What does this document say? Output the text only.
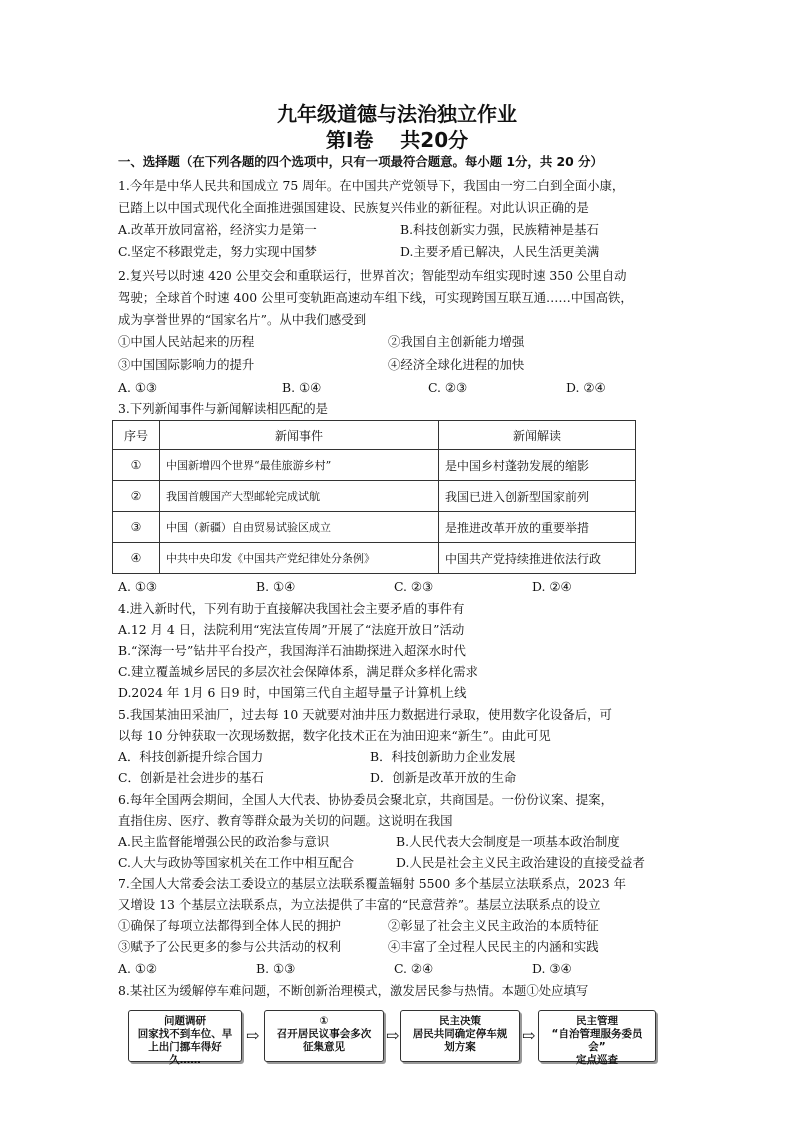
九年级道德与法治独立作业
第Ⅰ卷　 共20分
一、选择题（在下列各题的四个选项中，只有一项最符合题意。每小题 1分，共 20 分）
1.今年是中华人民共和国成立 75 周年。在中国共产党领导下，我国由一穷二白到全面小康，
已踏上以中国式现代化全面推进强国建设、民族复兴伟业的新征程。对此认识正确的是
A.改革开放同富裕，经济实力是第一	B.科技创新实力强，民族精神是基石
C.坚定不移跟党走，努力实现中国梦	D.主要矛盾已解决，人民生活更美满
2.复兴号以时速 420 公里交会和重联运行，世界首次；智能型动车组实现时速 350 公里自动
驾驶；全球首个时速 400 公里可变轨距高速动车组下线，可实现跨国互联互通……中国高铁，
成为享誉世界的“国家名片”。从中我们感受到
①中国人民站起来的历程	②我国自主创新能力增强
③中国国际影响力的提升	④经济全球化进程的加快
A. ①③	B. ①④	C. ②③	D. ②④
3.下列新闻事件与新闻解读相匹配的是
序号	新闻事件	新闻解读
①	中国新增四个世界“最佳旅游乡村”	是中国乡村蓬勃发展的缩影
②	我国首艘国产大型邮轮完成试航	我国已进入创新型国家前列
③	中国（新疆）自由贸易试验区成立	是推进改革开放的重要举措
④	中共中央印发《中国共产党纪律处分条例》	中国共产党持续推进依法行政
A. ①③	B. ①④	C. ②③	D. ②④
4.进入新时代，下列有助于直接解决我国社会主要矛盾的事件有
A.12 月 4 日，法院利用“宪法宣传周”开展了“法庭开放日”活动
B.“深海一号”钻井平台投产，我国海洋石油勘探进入超深水时代
C.建立覆盖城乡居民的多层次社会保障体系，满足群众多样化需求
D.2024 年 1月 6 日9 时，中国第三代自主超导量子计算机上线
5.我国某油田采油厂，过去每 10 天就要对油井压力数据进行录取，使用数字化设备后，可
以每 10 分钟获取一次现场数据，数字化技术正在为油田迎来“新生”。由此可见
A．科技创新提升综合国力	B．科技创新助力企业发展
C．创新是社会进步的基石	D．创新是改革开放的生命
6.每年全国两会期间，全国人大代表、协协委员会聚北京，共商国是。一份份议案、提案，
直指住房、医疗、教育等群众最为关切的问题。这说明在我国
A.民主监督能增强公民的政治参与意识	B.人民代表大会制度是一项基本政治制度
C.人大与政协等国家机关在工作中相互配合	D.人民是社会主义民主政治建设的直接受益者
7.全国人大常委会法工委设立的基层立法联系覆盖辐射 5500 多个基层立法联系点，2023 年
又增设 13 个基层立法联系点，为立法提供了丰富的“民意营养”。基层立法联系点的设立
①确保了每项立法都得到全体人民的拥护	②彰显了社会主义民主政治的本质特征
③赋予了公民更多的参与公共活动的权利	④丰富了全过程人民民主的内涵和实践
A. ①②	B. ①③	C. ②④	D. ③④
8.某社区为缓解停车难问题，不断创新治理模式，激发居民参与热情。本题①处应填写
问题调研
回家找不到车位、早
上出门挪车得好久……
⇨
①
召开居民议事会多次
征集意见
⇨
民主决策
居民共同确定停车规
划方案
⇨
民主管理
“自治管理服务委员会”
定点巡查
